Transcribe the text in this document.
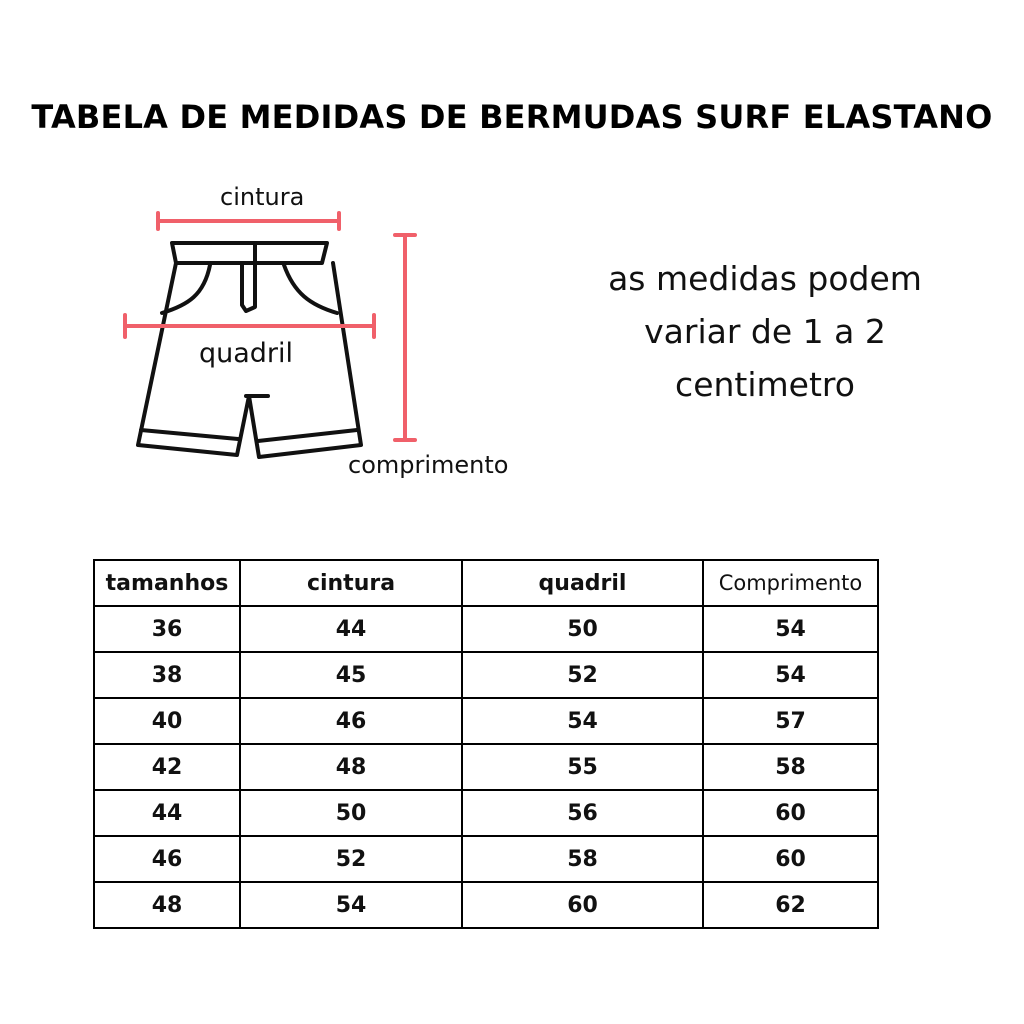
TABELA DE MEDIDAS DE BERMUDAS SURF ELASTANO
cintura
quadril
comprimento
as medidas podem
variar de 1 a 2
centimetro
tamanhos	cintura	quadril	Comprimento
36	44	50	54
38	45	52	54
40	46	54	57
42	48	55	58
44	50	56	60
46	52	58	60
48	54	60	62
